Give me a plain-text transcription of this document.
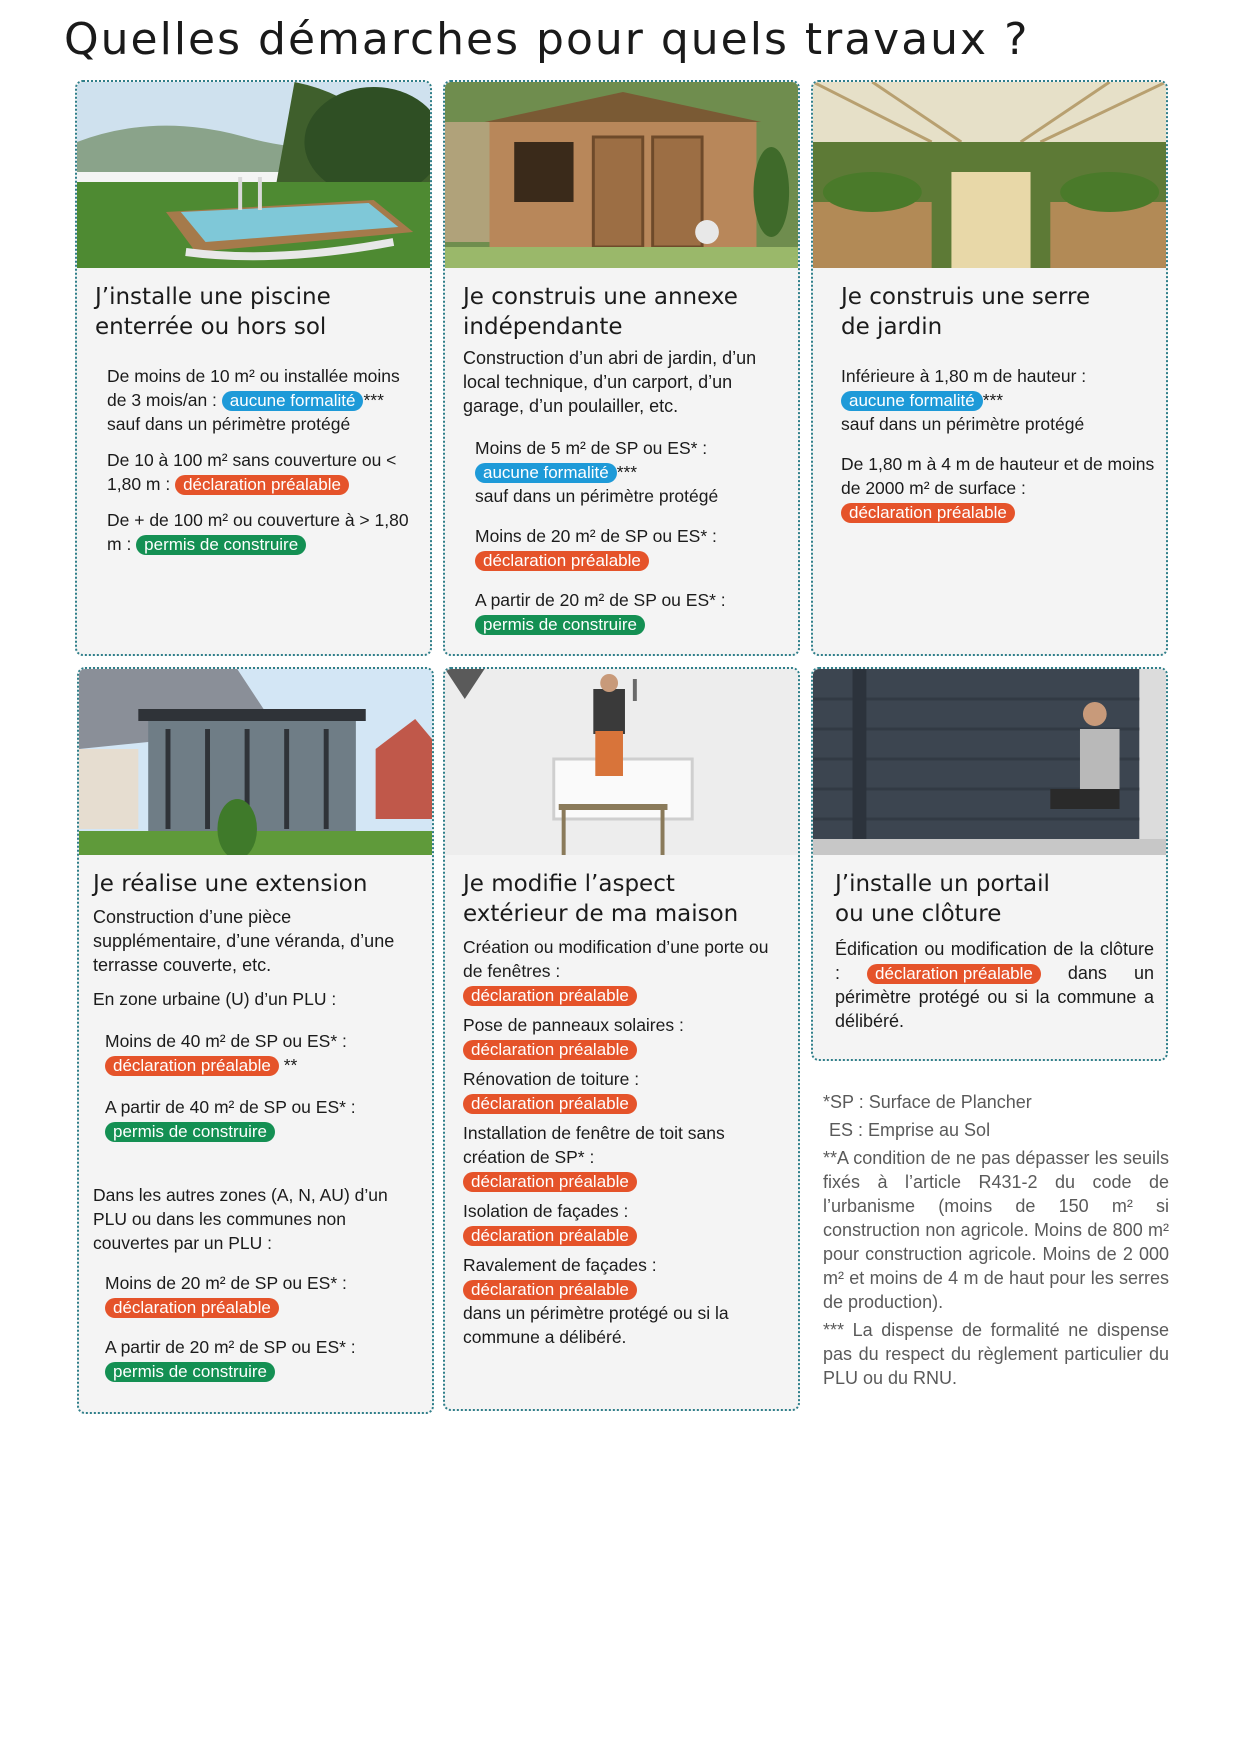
Quelles démarches pour quels travaux ?
J’installe une piscine
enterrée ou hors sol
De moins de 10 m² ou installée moins de 3 mois/an : aucune formalité ***
sauf dans un périmètre protégé
De 10 à 100 m² sans couverture ou < 1,80 m : déclaration préalable
De + de 100 m² ou couverture à > 1,80 m : permis de construire
Je construis une annexe
indépendante
Construction d’un abri de jardin, d’un local technique, d’un carport, d’un garage, d’un poulailler, etc.
Moins de 5 m² de SP ou ES* :
aucune formalité ***
sauf dans un périmètre protégé
Moins de 20 m² de SP ou ES* :
déclaration préalable
A partir de 20 m² de SP ou ES* :
permis de construire
Je construis une serre
de jardin
Inférieure à 1,80 m de hauteur :
aucune formalité ***
sauf dans un périmètre protégé
De 1,80 m à 4 m de hauteur et de moins de 2000 m² de surface :
déclaration préalable
Je réalise une extension
Construction d’une pièce supplémentaire, d’une véranda, d’une terrasse couverte, etc.
En zone urbaine (U) d’un PLU :
Moins de 40 m² de SP ou ES* :
déclaration préalable **
A partir de 40 m² de SP ou ES* :
permis de construire
Dans les autres zones (A, N, AU) d’un PLU ou dans les communes non couvertes par un PLU :
Moins de 20 m² de SP ou ES* :
déclaration préalable
A partir de 20 m² de SP ou ES* :
permis de construire
Je modifie l’aspect
extérieur de ma maison
Création ou modification d’une porte ou de fenêtres :
déclaration préalable
Pose de panneaux solaires :
déclaration préalable
Rénovation de toiture :
déclaration préalable
Installation de fenêtre de toit sans création de SP* :
déclaration préalable
Isolation de façades :
déclaration préalable
Ravalement de façades :
déclaration préalable
dans un périmètre protégé ou si la commune a délibéré.
J’installe un portail
ou une clôture
Édification ou modification de la clôture : déclaration préalable dans un périmètre protégé ou si la commune a délibéré.
*SP : Surface de Plancher
ES : Emprise au Sol
**A condition de ne pas dépasser les seuils fixés à l’article R431-2 du code de l’urbanisme (moins de 150 m² si construction non agricole. Moins de 800 m² pour construction agricole. Moins de 2 000 m² et moins de 4 m de haut pour les serres de production).
*** La dispense de formalité ne dispense pas du respect du règlement particulier du PLU ou du RNU.
